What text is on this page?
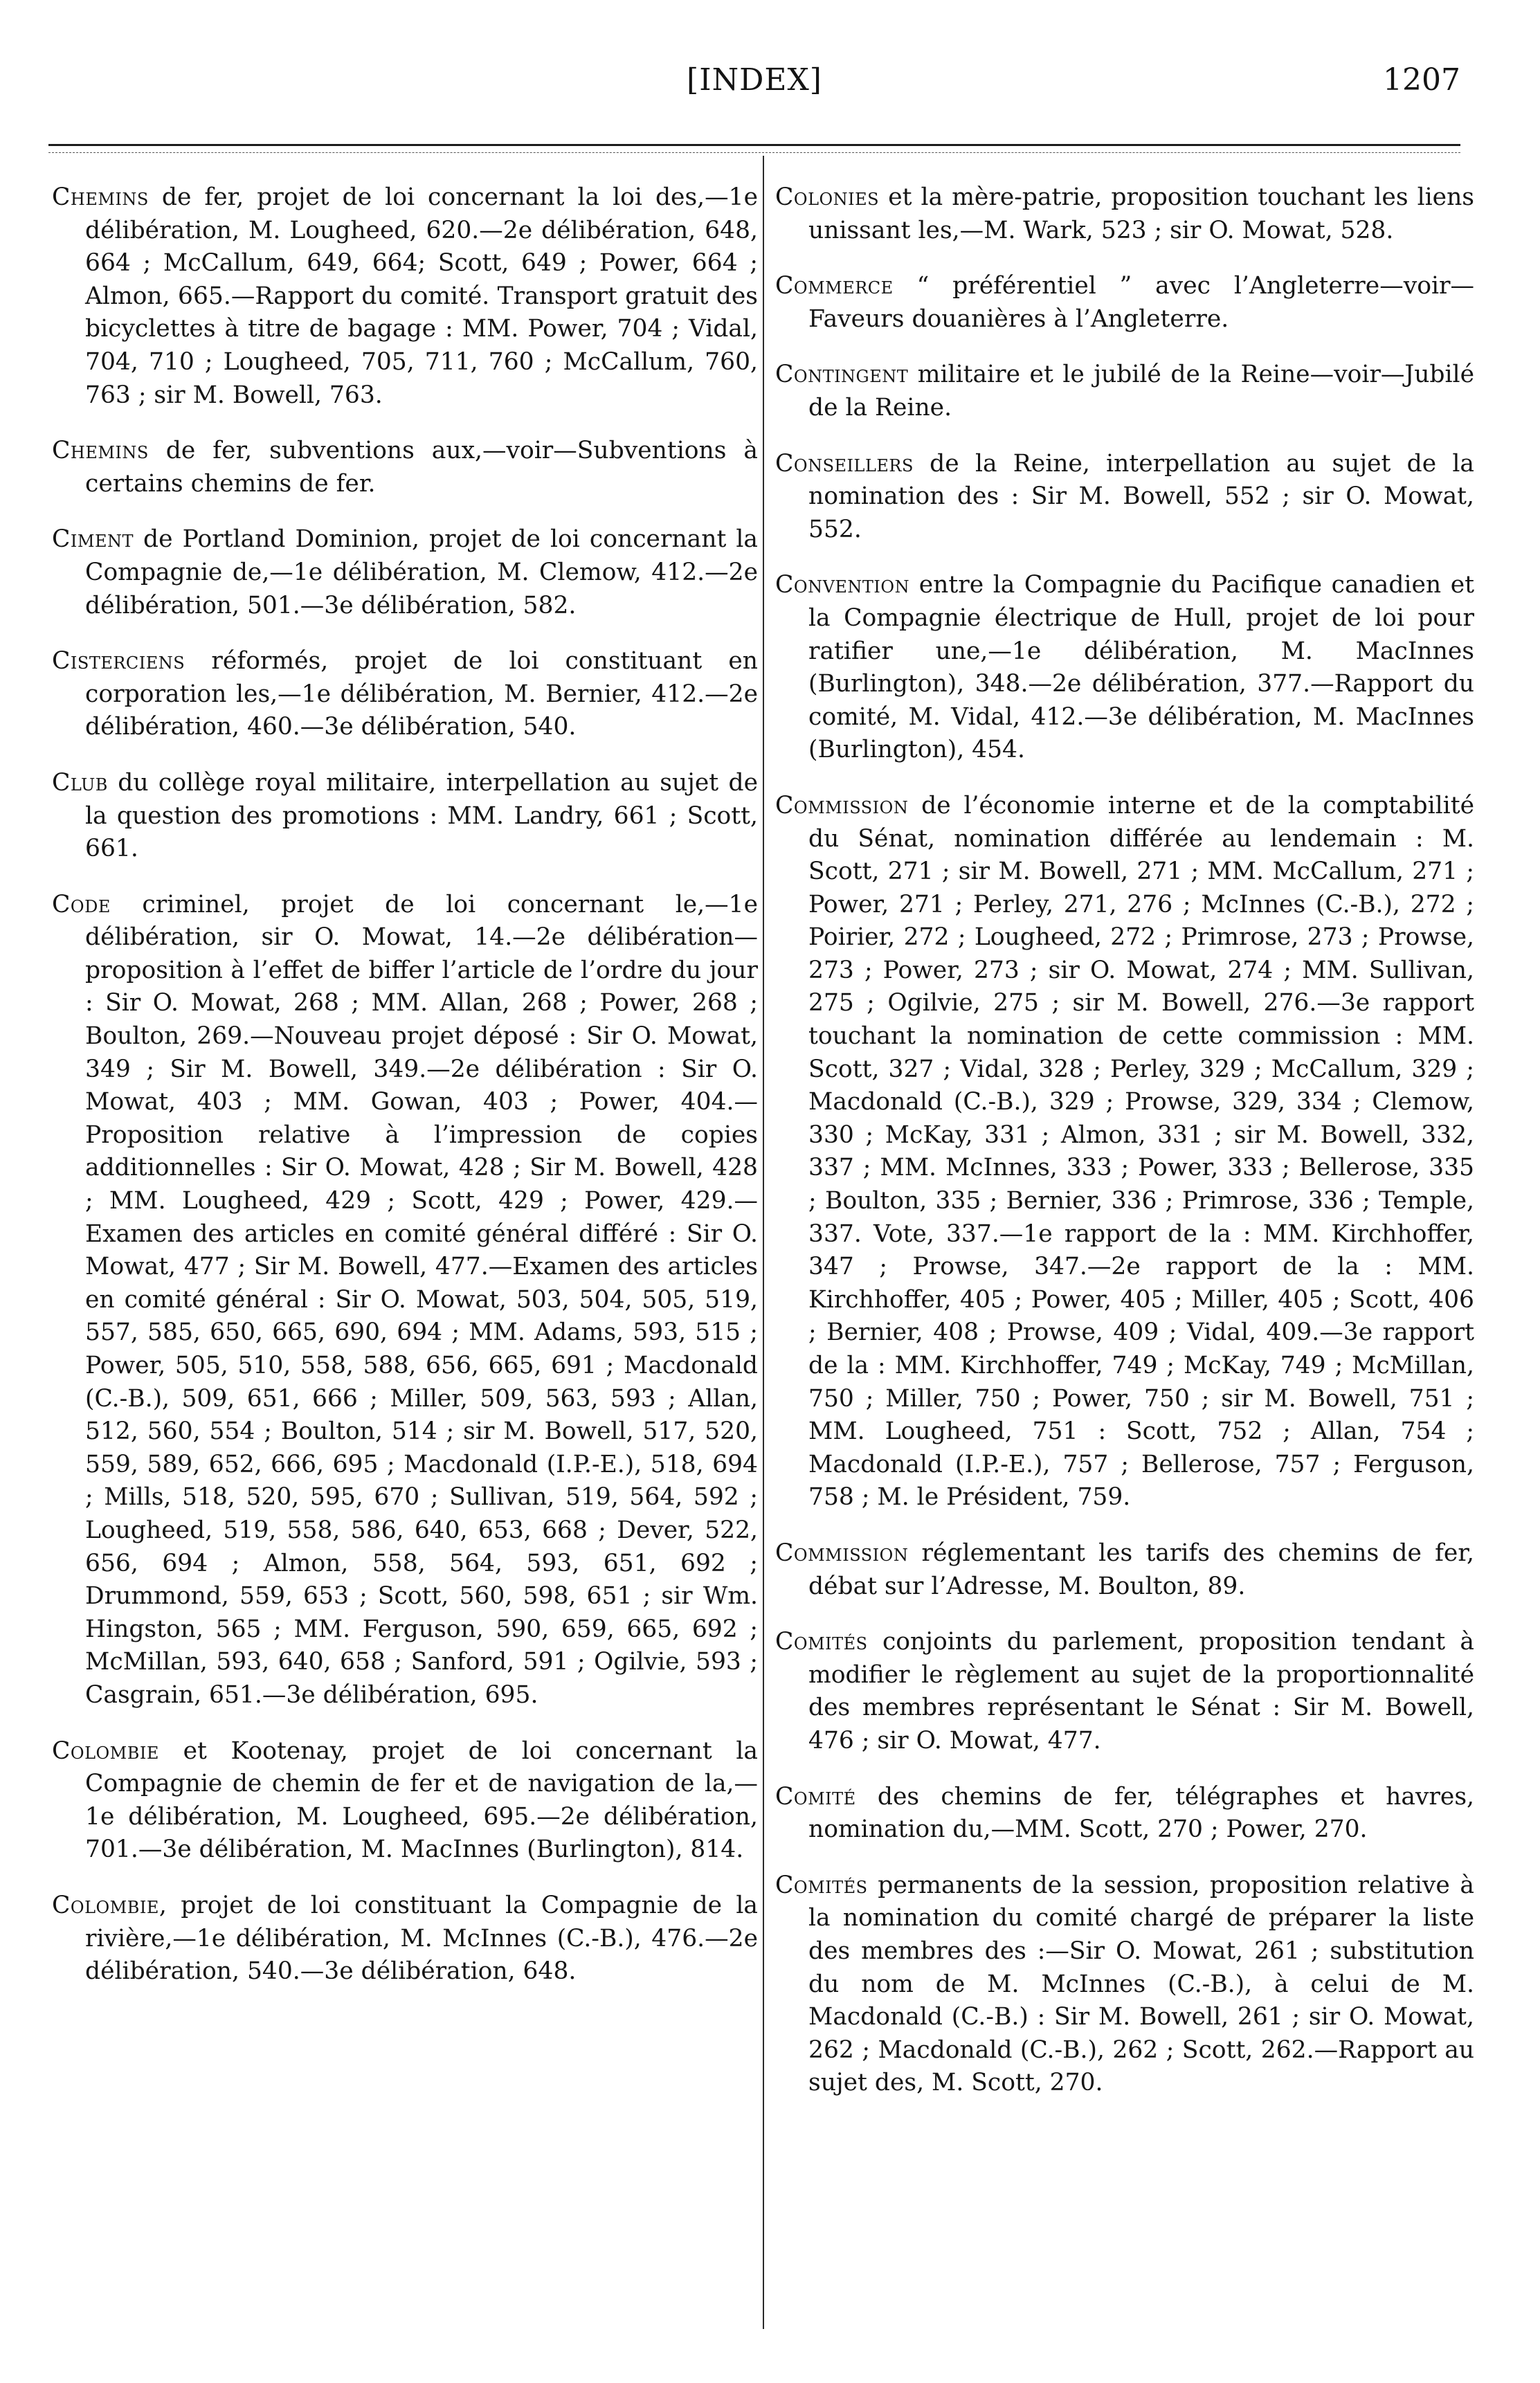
[INDEX]	1207

Chemins de fer, projet de loi concernant la loi des,—1e délibération, M. Lougheed, 620.—2e délibération, 648, 664 ; McCallum, 649, 664; Scott, 649 ; Power, 664 ; Almon, 665.—Rapport du comité. Transport gratuit des bicyclettes à titre de bagage : MM. Power, 704 ; Vidal, 704, 710 ; Lougheed, 705, 711, 760 ; McCallum, 760, 763 ; sir M. Bowell, 763.

Chemins de fer, subventions aux,—voir—Subventions à certains chemins de fer.

Ciment de Portland Dominion, projet de loi concernant la Compagnie de,—1e délibération, M. Clemow, 412.—2e délibération, 501.—3e délibération, 582.

Cisterciens réformés, projet de loi constituant en corporation les,—1e délibération, M. Bernier, 412.—2e délibération, 460.—3e délibération, 540.

Club du collège royal militaire, interpellation au sujet de la question des promotions : MM. Landry, 661 ; Scott, 661.

Code criminel, projet de loi concernant le,—1e délibération, sir O. Mowat, 14.—2e délibération—proposition à l’effet de biffer l’article de l’ordre du jour : Sir O. Mowat, 268 ; MM. Allan, 268 ; Power, 268 ; Boulton, 269.—Nouveau projet déposé : Sir O. Mowat, 349 ; Sir M. Bowell, 349.—2e délibération : Sir O. Mowat, 403 ; MM. Gowan, 403 ; Power, 404.—Proposition relative à l’impression de copies additionnelles : Sir O. Mowat, 428 ; Sir M. Bowell, 428 ; MM. Lougheed, 429 ; Scott, 429 ; Power, 429.—Examen des articles en comité général différé : Sir O. Mowat, 477 ; Sir M. Bowell, 477.—Examen des articles en comité général : Sir O. Mowat, 503, 504, 505, 519, 557, 585, 650, 665, 690, 694 ; MM. Adams, 593, 515 ; Power, 505, 510, 558, 588, 656, 665, 691 ; Macdonald (C.-B.), 509, 651, 666 ; Miller, 509, 563, 593 ; Allan, 512, 560, 554 ; Boulton, 514 ; sir M. Bowell, 517, 520, 559, 589, 652, 666, 695 ; Macdonald (I.P.-E.), 518, 694 ; Mills, 518, 520, 595, 670 ; Sullivan, 519, 564, 592 ; Lougheed, 519, 558, 586, 640, 653, 668 ; Dever, 522, 656, 694 ; Almon, 558, 564, 593, 651, 692 ; Drummond, 559, 653 ; Scott, 560, 598, 651 ; sir Wm. Hingston, 565 ; MM. Ferguson, 590, 659, 665, 692 ; McMillan, 593, 640, 658 ; Sanford, 591 ; Ogilvie, 593 ; Casgrain, 651.—3e délibération, 695.

Colombie et Kootenay, projet de loi concernant la Compagnie de chemin de fer et de navigation de la,—1e délibération, M. Lougheed, 695.—2e délibération, 701.—3e délibération, M. MacInnes (Burlington), 814.

Colombie, projet de loi constituant la Compagnie de la rivière,—1e délibération, M. McInnes (C.-B.), 476.—2e délibération, 540.—3e délibération, 648.

Colonies et la mère-patrie, proposition touchant les liens unissant les,—M. Wark, 523 ; sir O. Mowat, 528.

Commerce “ préférentiel ” avec l’Angleterre—voir—Faveurs douanières à l’Angleterre.

Contingent militaire et le jubilé de la Reine—voir—Jubilé de la Reine.

Conseillers de la Reine, interpellation au sujet de la nomination des : Sir M. Bowell, 552 ; sir O. Mowat, 552.

Convention entre la Compagnie du Pacifique canadien et la Compagnie électrique de Hull, projet de loi pour ratifier une,—1e délibération, M. MacInnes (Burlington), 348.—2e délibération, 377.—Rapport du comité, M. Vidal, 412.—3e délibération, M. MacInnes (Burlington), 454.

Commission de l’économie interne et de la comptabilité du Sénat, nomination différée au lendemain : M. Scott, 271 ; sir M. Bowell, 271 ; MM. McCallum, 271 ; Power, 271 ; Perley, 271, 276 ; McInnes (C.-B.), 272 ; Poirier, 272 ; Lougheed, 272 ; Primrose, 273 ; Prowse, 273 ; Power, 273 ; sir O. Mowat, 274 ; MM. Sullivan, 275 ; Ogilvie, 275 ; sir M. Bowell, 276.—3e rapport touchant la nomination de cette commission : MM. Scott, 327 ; Vidal, 328 ; Perley, 329 ; McCallum, 329 ; Macdonald (C.-B.), 329 ; Prowse, 329, 334 ; Clemow, 330 ; McKay, 331 ; Almon, 331 ; sir M. Bowell, 332, 337 ; MM. McInnes, 333 ; Power, 333 ; Bellerose, 335 ; Boulton, 335 ; Bernier, 336 ; Primrose, 336 ; Temple, 337. Vote, 337.—1e rapport de la : MM. Kirchhoffer, 347 ; Prowse, 347.—2e rapport de la : MM. Kirchhoffer, 405 ; Power, 405 ; Miller, 405 ; Scott, 406 ; Bernier, 408 ; Prowse, 409 ; Vidal, 409.—3e rapport de la : MM. Kirchhoffer, 749 ; McKay, 749 ; McMillan, 750 ; Miller, 750 ; Power, 750 ; sir M. Bowell, 751 ; MM. Lougheed, 751 : Scott, 752 ; Allan, 754 ; Macdonald (I.P.-E.), 757 ; Bellerose, 757 ; Ferguson, 758 ; M. le Président, 759.

Commission réglementant les tarifs des chemins de fer, débat sur l’Adresse, M. Boulton, 89.

Comités conjoints du parlement, proposition tendant à modifier le règlement au sujet de la proportionnalité des membres représentant le Sénat : Sir M. Bowell, 476 ; sir O. Mowat, 477.

Comité des chemins de fer, télégraphes et havres, nomination du,—MM. Scott, 270 ; Power, 270.

Comités permanents de la session, proposition relative à la nomination du comité chargé de préparer la liste des membres des :—Sir O. Mowat, 261 ; substitution du nom de M. McInnes (C.-B.), à celui de M. Macdonald (C.-B.) : Sir M. Bowell, 261 ; sir O. Mowat, 262 ; Macdonald (C.-B.), 262 ; Scott, 262.—Rapport au sujet des, M. Scott, 270.
